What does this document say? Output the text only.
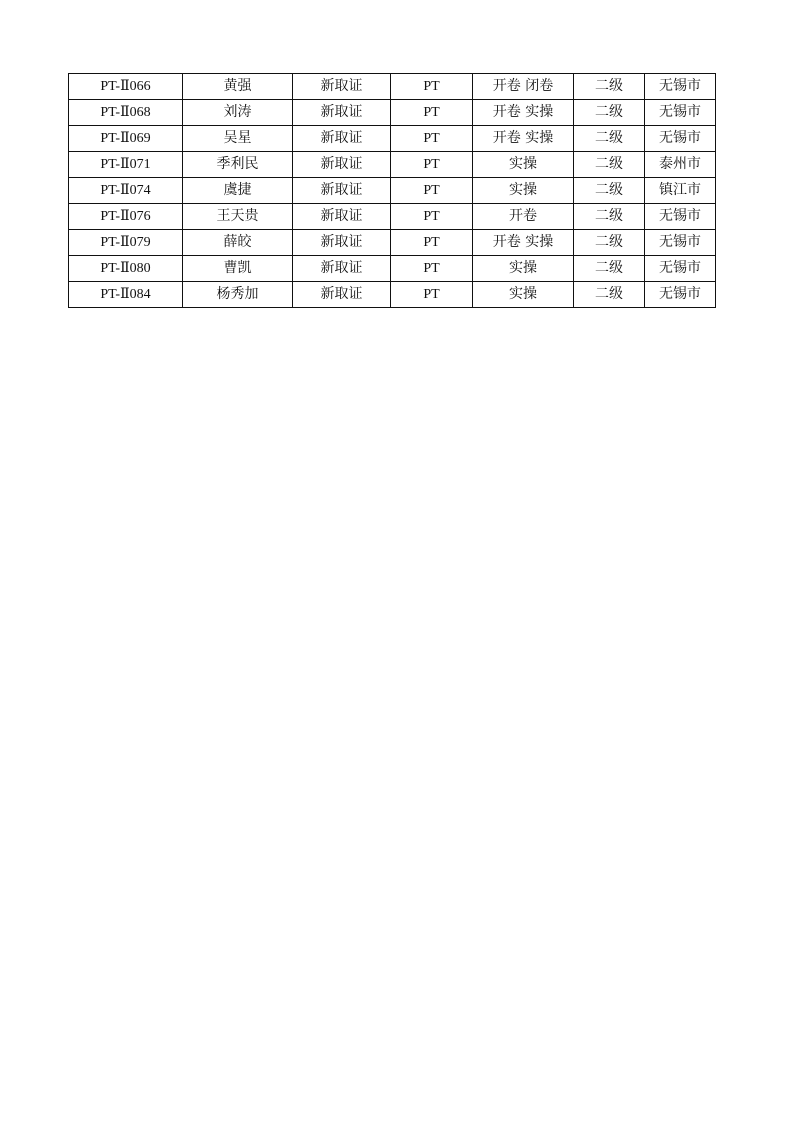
PT-Ⅱ066	黄强	新取证	PT	开卷 闭卷	二级	无锡市
PT-Ⅱ068	刘涛	新取证	PT	开卷 实操	二级	无锡市
PT-Ⅱ069	吴星	新取证	PT	开卷 实操	二级	无锡市
PT-Ⅱ071	季利民	新取证	PT	实操	二级	泰州市
PT-Ⅱ074	虞捷	新取证	PT	实操	二级	镇江市
PT-Ⅱ076	王天贵	新取证	PT	开卷	二级	无锡市
PT-Ⅱ079	薛皎	新取证	PT	开卷 实操	二级	无锡市
PT-Ⅱ080	曹凯	新取证	PT	实操	二级	无锡市
PT-Ⅱ084	杨秀加	新取证	PT	实操	二级	无锡市
